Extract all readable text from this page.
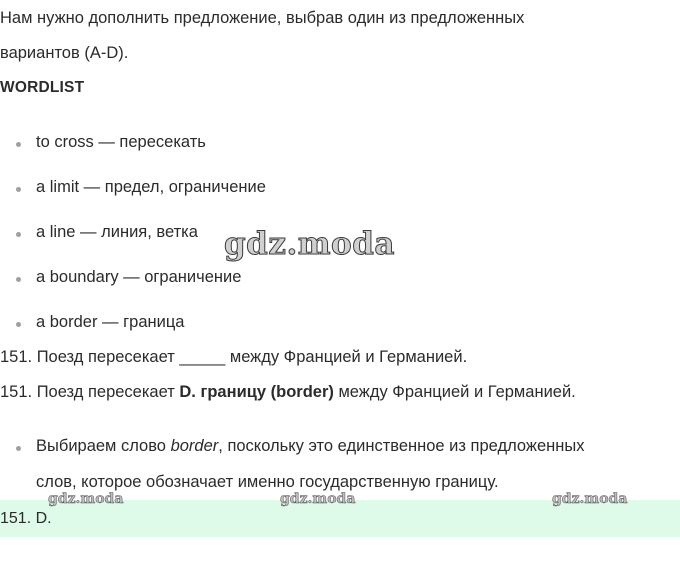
Нам нужно дополнить предложение, выбрав один из предложенных
вариантов (A-D).
WORDLIST
to cross — пересекать
a limit — предел, ограничение
a line — линия, ветка
a boundary — ограничение
a border — граница
gdz.moda
151. Поезд пересекает _____ между Францией и Германией.
151. Поезд пересекает D. границу (border) между Францией и Германией.
Выбираем слово border, поскольку это единственное из предложенных
слов, которое обозначает именно государственную границу.
151. D.
gdz.moda	gdz.moda	gdz.moda
